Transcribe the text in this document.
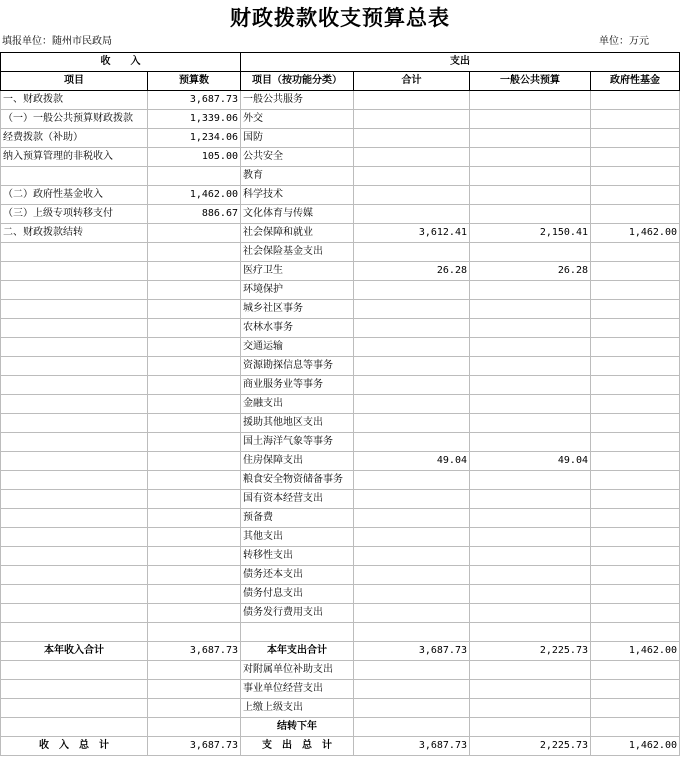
财政拨款收支预算总表
填报单位：随州市民政局	单位：万元
收　　入		支出			
项目	预算数	项目（按功能分类）	合计	一般公共预算	政府性基金
一、财政拨款	3,687.73	一般公共服务			
（一）一般公共预算财政拨款	1,339.06	外交			
经费拨款（补助）	1,234.06	国防			
纳入预算管理的非税收入	105.00	公共安全			
		教育			
（二）政府性基金收入	1,462.00	科学技术			
（三）上级专项转移支付	886.67	文化体育与传媒			
二、财政拨款结转		社会保障和就业	3,612.41	2,150.41	1,462.00
		社会保险基金支出			
		医疗卫生	26.28	26.28	
		环境保护			
		城乡社区事务			
		农林水事务			
		交通运输			
		资源勘探信息等事务			
		商业服务业等事务			
		金融支出			
		援助其他地区支出			
		国土海洋气象等事务			
		住房保障支出	49.04	49.04	
		粮食安全物资储备事务			
		国有资本经营支出			
		预备费			
		其他支出			
		转移性支出			
		债务还本支出			
		债务付息支出			
		债务发行费用支出			

本年收入合计	3,687.73	本年支出合计	3,687.73	2,225.73	1,462.00
		对附属单位补助支出			
		事业单位经营支出			
		上缴上级支出			
		结转下年			
收　入　总　计	3,687.73	支　出　总　计	3,687.73	2,225.73	1,462.00
